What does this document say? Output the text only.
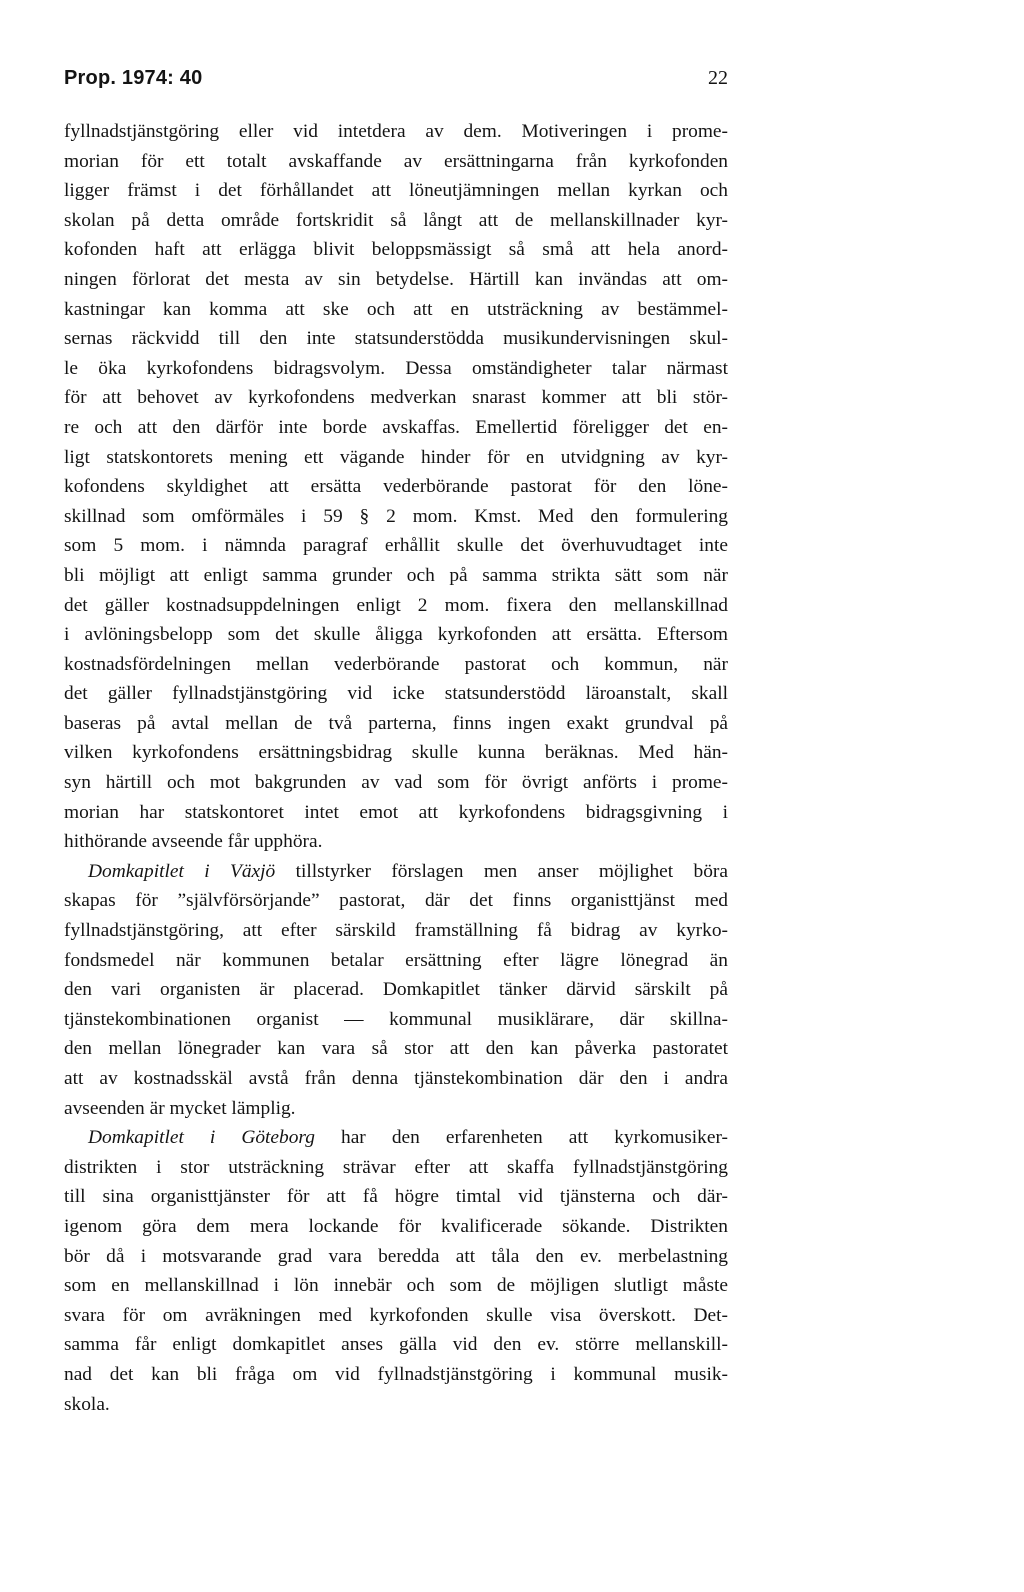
Prop. 1974: 40	22
fyllnadstjänstgöring eller vid intetdera av dem. Motiveringen i prome-
morian för ett totalt avskaffande av ersättningarna från kyrkofonden
ligger främst i det förhållandet att löneutjämningen mellan kyrkan och
skolan på detta område fortskridit så långt att de mellanskillnader kyr-
kofonden haft att erlägga blivit beloppsmässigt så små att hela anord-
ningen förlorat det mesta av sin betydelse. Härtill kan invändas att om-
kastningar kan komma att ske och att en utsträckning av bestämmel-
sernas räckvidd till den inte statsunderstödda musikundervisningen skul-
le öka kyrkofondens bidragsvolym. Dessa omständigheter talar närmast
för att behovet av kyrkofondens medverkan snarast kommer att bli stör-
re och att den därför inte borde avskaffas. Emellertid föreligger det en-
ligt statskontorets mening ett vägande hinder för en utvidgning av kyr-
kofondens skyldighet att ersätta vederbörande pastorat för den löne-
skillnad som omförmäles i 59 § 2 mom. Kmst. Med den formulering
som 5 mom. i nämnda paragraf erhållit skulle det överhuvudtaget inte
bli möjligt att enligt samma grunder och på samma strikta sätt som när
det gäller kostnadsuppdelningen enligt 2 mom. fixera den mellanskillnad
i avlöningsbelopp som det skulle åligga kyrkofonden att ersätta. Eftersom
kostnadsfördelningen mellan vederbörande pastorat och kommun, när
det gäller fyllnadstjänstgöring vid icke statsunderstödd läroanstalt, skall
baseras på avtal mellan de två parterna, finns ingen exakt grundval på
vilken kyrkofondens ersättningsbidrag skulle kunna beräknas. Med hän-
syn härtill och mot bakgrunden av vad som för övrigt anförts i prome-
morian har statskontoret intet emot att kyrkofondens bidragsgivning i
hithörande avseende får upphöra.
Domkapitlet i Växjö tillstyrker förslagen men anser möjlighet böra
skapas för ”självförsörjande” pastorat, där det finns organisttjänst med
fyllnadstjänstgöring, att efter särskild framställning få bidrag av kyrko-
fondsmedel när kommunen betalar ersättning efter lägre lönegrad än
den vari organisten är placerad. Domkapitlet tänker därvid särskilt på
tjänstekombinationen organist — kommunal musiklärare, där skillna-
den mellan lönegrader kan vara så stor att den kan påverka pastoratet
att av kostnadsskäl avstå från denna tjänstekombination där den i andra
avseenden är mycket lämplig.
Domkapitlet i Göteborg har den erfarenheten att kyrkomusiker-
distrikten i stor utsträckning strävar efter att skaffa fyllnadstjänstgöring
till sina organisttjänster för att få högre timtal vid tjänsterna och där-
igenom göra dem mera lockande för kvalificerade sökande. Distrikten
bör då i motsvarande grad vara beredda att tåla den ev. merbelastning
som en mellanskillnad i lön innebär och som de möjligen slutligt måste
svara för om avräkningen med kyrkofonden skulle visa överskott. Det-
samma får enligt domkapitlet anses gälla vid den ev. större mellanskill-
nad det kan bli fråga om vid fyllnadstjänstgöring i kommunal musik-
skola.
